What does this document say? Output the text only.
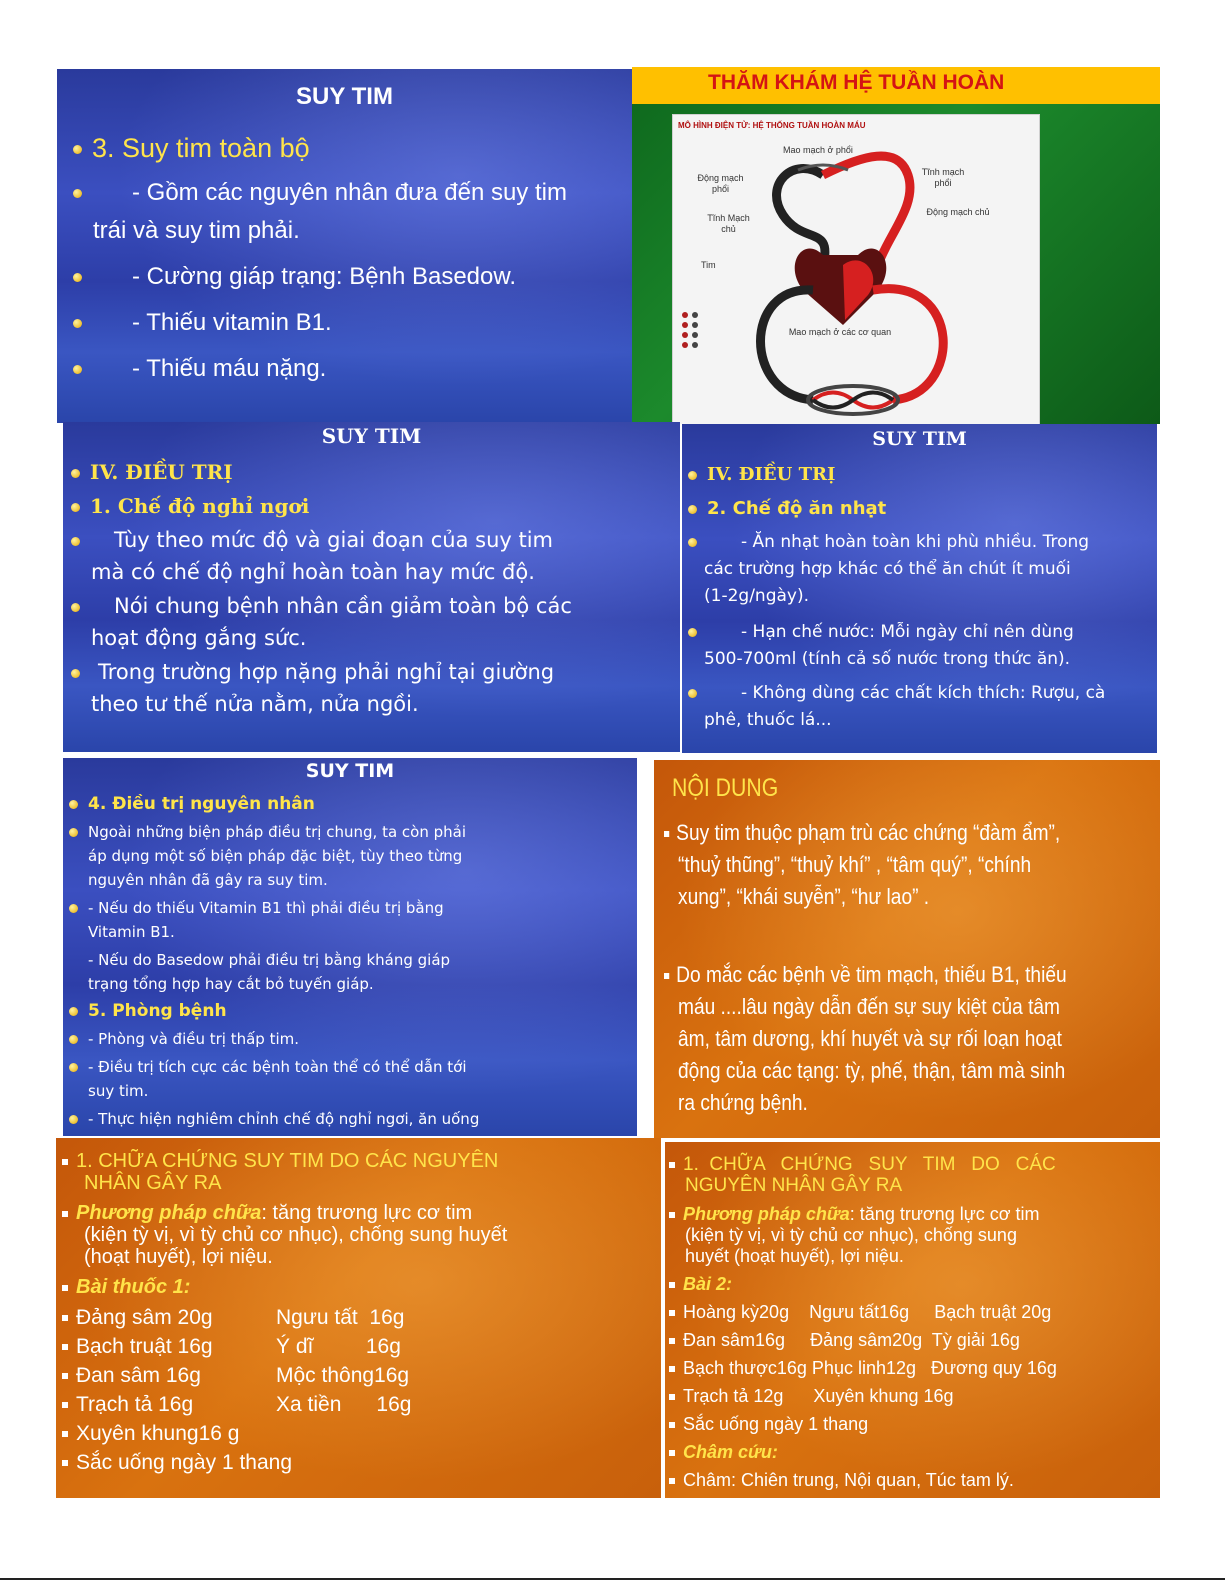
SUY TIM
3. Suy tim toàn bộ
- Gồm các nguyên nhân đưa đến suy tim
trái và suy tim phải.
- Cường giáp trạng: Bệnh Basedow.
- Thiếu vitamin B1.
- Thiếu máu nặng.
THĂM KHÁM HỆ TUẦN HOÀN
MÔ HÌNH ĐIỆN TỬ: HỆ THỐNG TUẦN HOÀN MÁU
Mao mạch ở phổi
Động mạch phổi
Tĩnh mạch phổi
Tĩnh Mạch chủ
Động mạch chủ
Tim
Mao mạch ở các cơ quan
SUY TIM
IV. ĐIỀU TRỊ
1. Chế độ nghỉ ngơi
Tùy theo mức độ và giai đoạn của suy tim
mà có chế độ nghỉ hoàn toàn hay mức độ.
Nói chung bệnh nhân cần giảm toàn bộ các
hoạt động gắng sức.
Trong trường hợp nặng phải nghỉ tại giường
theo tư thế nửa nằm, nửa ngồi.
SUY TIM
IV. ĐIỀU TRỊ
2. Chế độ ăn nhạt
- Ăn nhạt hoàn toàn khi phù nhiều. Trong
các trường hợp khác có thể ăn chút ít muối
(1-2g/ngày).
- Hạn chế nước: Mỗi ngày chỉ nên dùng
500-700ml (tính cả số nước trong thức ăn).
- Không dùng các chất kích thích: Rượu, cà
phê, thuốc lá...
SUY TIM
4. Điều trị nguyên nhân
Ngoài những biện pháp điều trị chung, ta còn phải
áp dụng một số biện pháp đặc biệt, tùy theo từng
nguyên nhân đã gây ra suy tim.
- Nếu do thiếu Vitamin B1 thì phải điều trị bằng
Vitamin B1.
- Nếu do Basedow phải điều trị bằng kháng giáp
trạng tổng hợp hay cắt bỏ tuyến giáp.
5. Phòng bệnh
- Phòng và điều trị thấp tim.
- Điều trị tích cực các bệnh toàn thể có thể dẫn tới
suy tim.
- Thực hiện nghiêm chỉnh chế độ nghỉ ngơi, ăn uống
NỘI DUNG
Suy tim thuộc phạm trù các chứng “đàm ẩm”,
“thuỷ thũng”, “thuỷ khí” , “tâm quý”, “chính
xung”, “khái suyễn”, “hư lao” .
Do mắc các bệnh về tim mạch, thiếu B1, thiếu
máu ....lâu ngày dẫn đến sự suy kiệt của tâm
âm, tâm dương, khí huyết và sự rối loạn hoạt
động của các tạng: tỳ, phế, thận, tâm mà sinh
ra chứng bệnh.
1. CHỮA CHỨNG SUY TIM DO CÁC NGUYÊN
NHÂN GÂY RA
Phương pháp chữa: tăng trương lực cơ tim
(kiện tỳ vị, vì tỳ chủ cơ nhục), chống sung huyết
(hoạt huyết), lợi niệu.
Bài thuốc 1:
Đảng sâm 20g	Ngưu tất  16g
Bạch truật 16g	Ý dĩ         16g
Đan sâm 16g	Mộc thông16g
Trạch tả 16g	Xa tiền      16g
Xuyên khung16 g
Sắc uống ngày 1 thang
1.  CHỮA   CHỨNG   SUY   TIM   DO   CÁC
NGUYÊN NHÂN GÂY RA
Phương pháp chữa: tăng trương lực cơ tim
(kiện tỳ vị, vì tỳ chủ cơ nhục), chống sung
huyết (hoạt huyết), lợi niệu.
Bài 2:
Hoàng kỳ20g    Ngưu tất16g     Bạch truật 20g
Đan sâm16g     Đảng sâm20g  Tỳ giải 16g
Bạch thược16g Phục linh12g   Đương quy 16g
Trạch tả 12g      Xuyên khung 16g
Sắc uống ngày 1 thang
Châm cứu:
Châm: Chiên trung, Nội quan, Túc tam lý.
